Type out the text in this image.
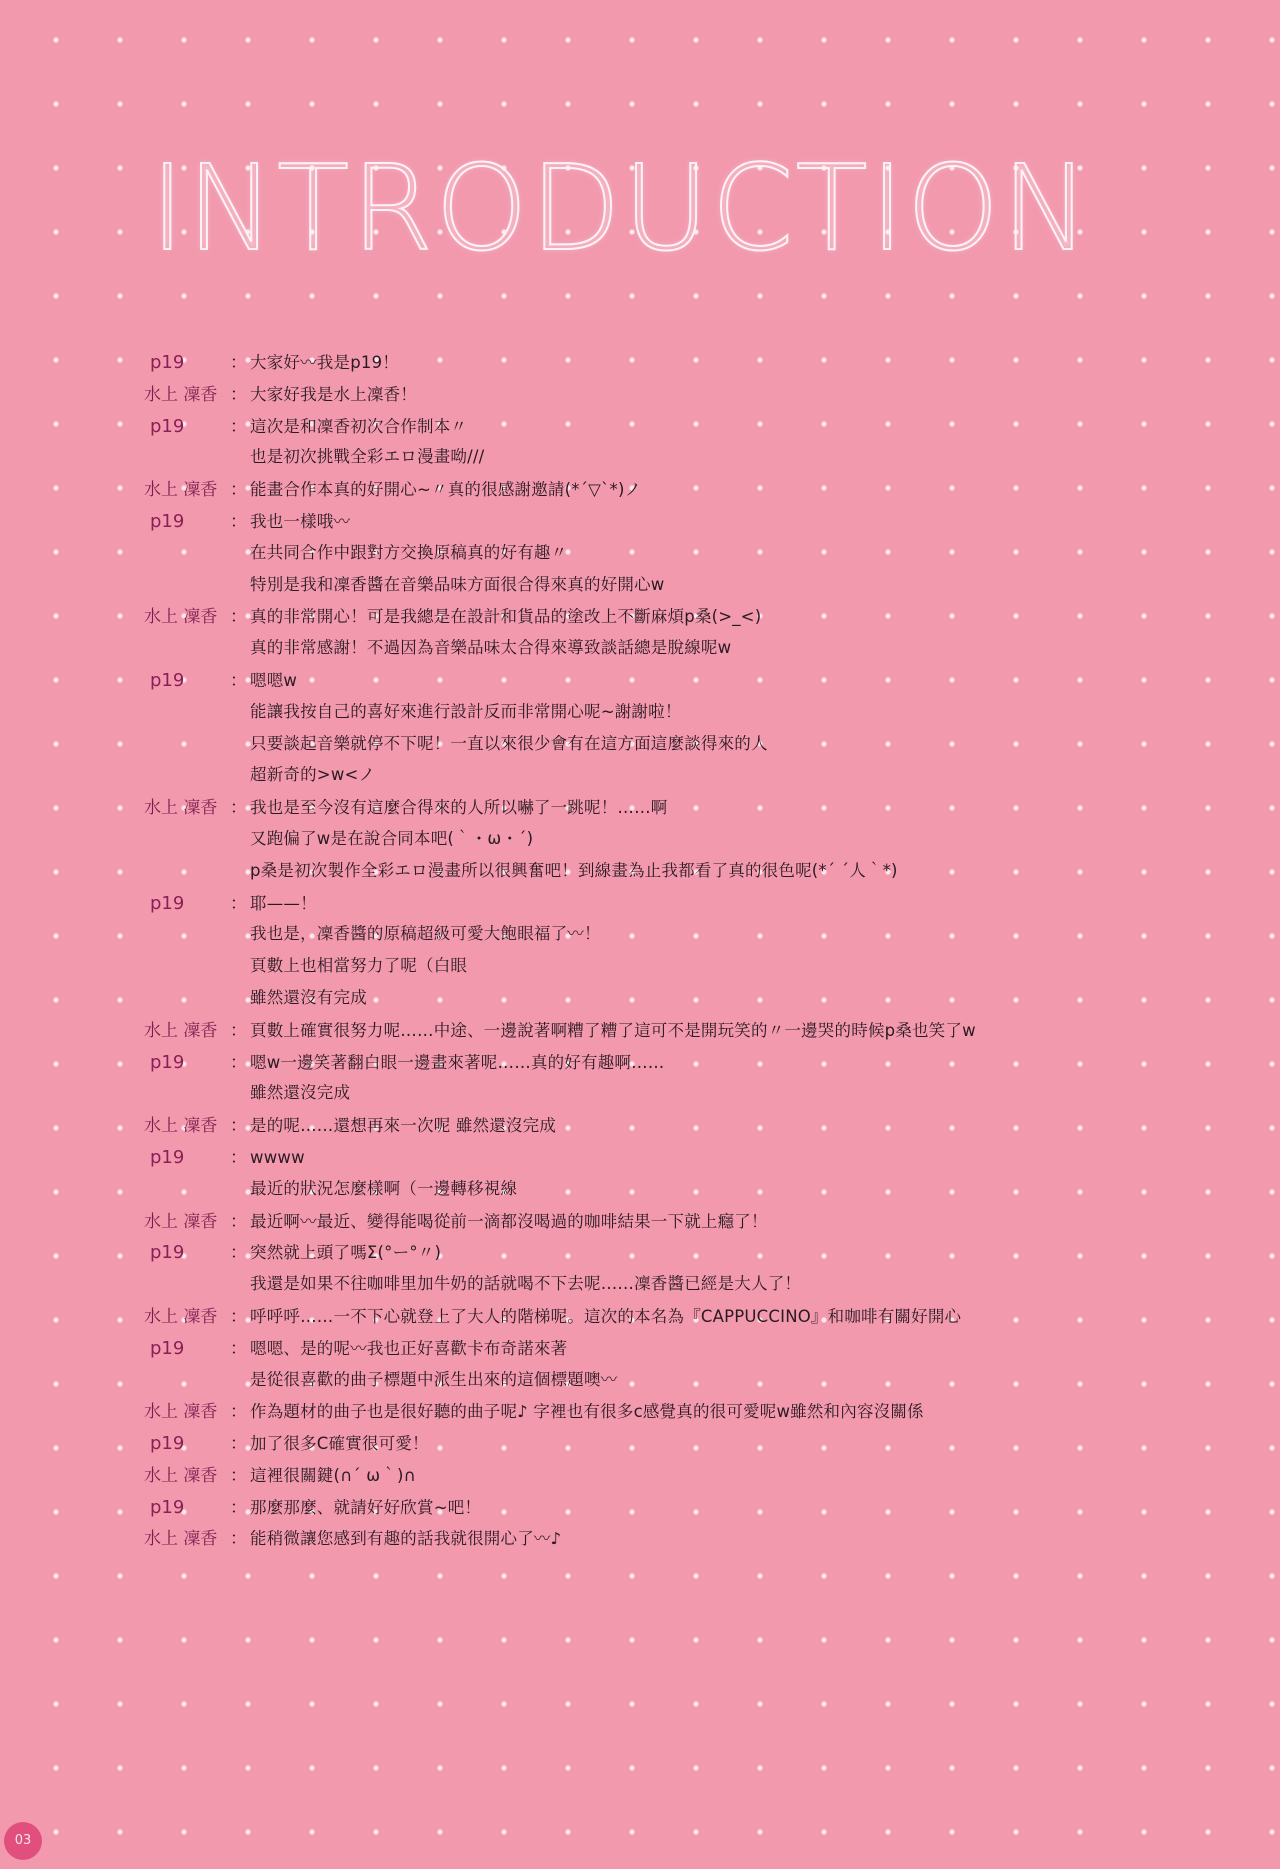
INTRODUCTION
p19	： 大家好〰我是p19！
水上 凜香 ： 大家好我是水上凜香！
p19	： 這次是和凜香初次合作制本〃
也是初次挑戰全彩エロ漫畫呦///
水上 凜香 ： 能畫合作本真的好開心~〃真的很感謝邀請(*´▽`*)ノ
p19	： 我也一樣哦〰
在共同合作中跟對方交換原稿真的好有趣〃
特別是我和凜香醬在音樂品味方面很合得來真的好開心w
水上 凜香 ： 真的非常開心！可是我總是在設計和貨品的塗改上不斷麻煩p桑(>_<)
真的非常感謝！不過因為音樂品味太合得來導致談話總是脫線呢w
p19	： 嗯嗯w
能讓我按自己的喜好來進行設計反而非常開心呢~謝謝啦！
只要談起音樂就停不下呢！一直以來很少會有在這方面這麼談得來的人
超新奇的>w<ノ
水上 凜香 ： 我也是至今沒有這麼合得來的人所以嚇了一跳呢！……啊
又跑偏了w是在說合同本吧(｀・ω・´)
p桑是初次製作全彩エロ漫畫所以很興奮吧！到線畫為止我都看了真的很色呢(*´ ´人｀*)
p19	： 耶——！
我也是，凜香醬的原稿超級可愛大飽眼福了〰！
頁數上也相當努力了呢（白眼
雖然還沒有完成
水上 凜香 ： 頁數上確實很努力呢……中途、一邊說著啊糟了糟了這可不是開玩笑的〃一邊哭的時候p桑也笑了w
p19	： 嗯w一邊笑著翻白眼一邊畫來著呢……真的好有趣啊……
雖然還沒完成
水上 凜香 ： 是的呢……還想再來一次呢 雖然還沒完成
p19	： wwww
最近的狀況怎麼樣啊（一邊轉移視線
水上 凜香 ： 最近啊〰最近、變得能喝從前一滴都沒喝過的咖啡結果一下就上癮了！
p19	： 突然就上頭了嗎Σ(°ー°〃)
我還是如果不往咖啡里加牛奶的話就喝不下去呢……凜香醬已經是大人了！
水上 凜香 ： 呼呼呼……一不下心就登上了大人的階梯呢。這次的本名為『CAPPUCCINO』和咖啡有關好開心
p19	： 嗯嗯、是的呢〰我也正好喜歡卡布奇諾來著
是從很喜歡的曲子標題中派生出來的這個標題噢〰
水上 凜香 ： 作為題材的曲子也是很好聽的曲子呢♪ 字裡也有很多c感覺真的很可愛呢w雖然和內容沒關係
p19	： 加了很多C確實很可愛！
水上 凜香 ： 這裡很關鍵(∩´ ω｀)∩
p19	： 那麼那麼、就請好好欣賞~吧！
水上 凜香 ： 能稍微讓您感到有趣的話我就很開心了〰♪
03
